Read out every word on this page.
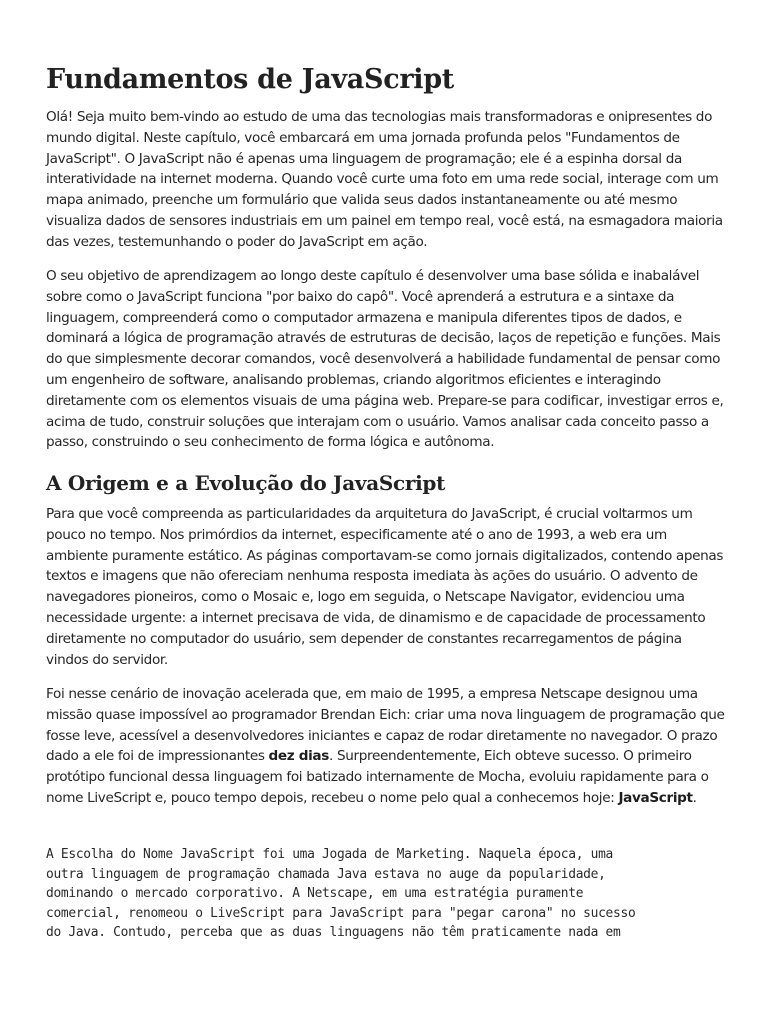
Fundamentos de JavaScript

Olá! Seja muito bem-vindo ao estudo de uma das tecnologias mais transformadoras e onipresentes do mundo digital. Neste capítulo, você embarcará em uma jornada profunda pelos "Fundamentos de JavaScript". O JavaScript não é apenas uma linguagem de programação; ele é a espinha dorsal da interatividade na internet moderna. Quando você curte uma foto em uma rede social, interage com um mapa animado, preenche um formulário que valida seus dados instantaneamente ou até mesmo visualiza dados de sensores industriais em um painel em tempo real, você está, na esmagadora maioria das vezes, testemunhando o poder do JavaScript em ação.

O seu objetivo de aprendizagem ao longo deste capítulo é desenvolver uma base sólida e inabalável sobre como o JavaScript funciona "por baixo do capô". Você aprenderá a estrutura e a sintaxe da linguagem, compreenderá como o computador armazena e manipula diferentes tipos de dados, e dominará a lógica de programação através de estruturas de decisão, laços de repetição e funções. Mais do que simplesmente decorar comandos, você desenvolverá a habilidade fundamental de pensar como um engenheiro de software, analisando problemas, criando algoritmos eficientes e interagindo diretamente com os elementos visuais de uma página web. Prepare-se para codificar, investigar erros e, acima de tudo, construir soluções que interajam com o usuário. Vamos analisar cada conceito passo a passo, construindo o seu conhecimento de forma lógica e autônoma.

A Origem e a Evolução do JavaScript

Para que você compreenda as particularidades da arquitetura do JavaScript, é crucial voltarmos um pouco no tempo. Nos primórdios da internet, especificamente até o ano de 1993, a web era um ambiente puramente estático. As páginas comportavam-se como jornais digitalizados, contendo apenas textos e imagens que não ofereciam nenhuma resposta imediata às ações do usuário. O advento de navegadores pioneiros, como o Mosaic e, logo em seguida, o Netscape Navigator, evidenciou uma necessidade urgente: a internet precisava de vida, de dinamismo e de capacidade de processamento diretamente no computador do usuário, sem depender de constantes recarregamentos de página vindos do servidor.

Foi nesse cenário de inovação acelerada que, em maio de 1995, a empresa Netscape designou uma missão quase impossível ao programador Brendan Eich: criar uma nova linguagem de programação que fosse leve, acessível a desenvolvedores iniciantes e capaz de rodar diretamente no navegador. O prazo dado a ele foi de impressionantes dez dias. Surpreendentemente, Eich obteve sucesso. O primeiro protótipo funcional dessa linguagem foi batizado internamente de Mocha, evoluiu rapidamente para o nome LiveScript e, pouco tempo depois, recebeu o nome pelo qual a conhecemos hoje: JavaScript.

A Escolha do Nome JavaScript foi uma Jogada de Marketing. Naquela época, uma
outra linguagem de programação chamada Java estava no auge da popularidade,
dominando o mercado corporativo. A Netscape, em uma estratégia puramente
comercial, renomeou o LiveScript para JavaScript para "pegar carona" no sucesso
do Java. Contudo, perceba que as duas linguagens não têm praticamente nada em
